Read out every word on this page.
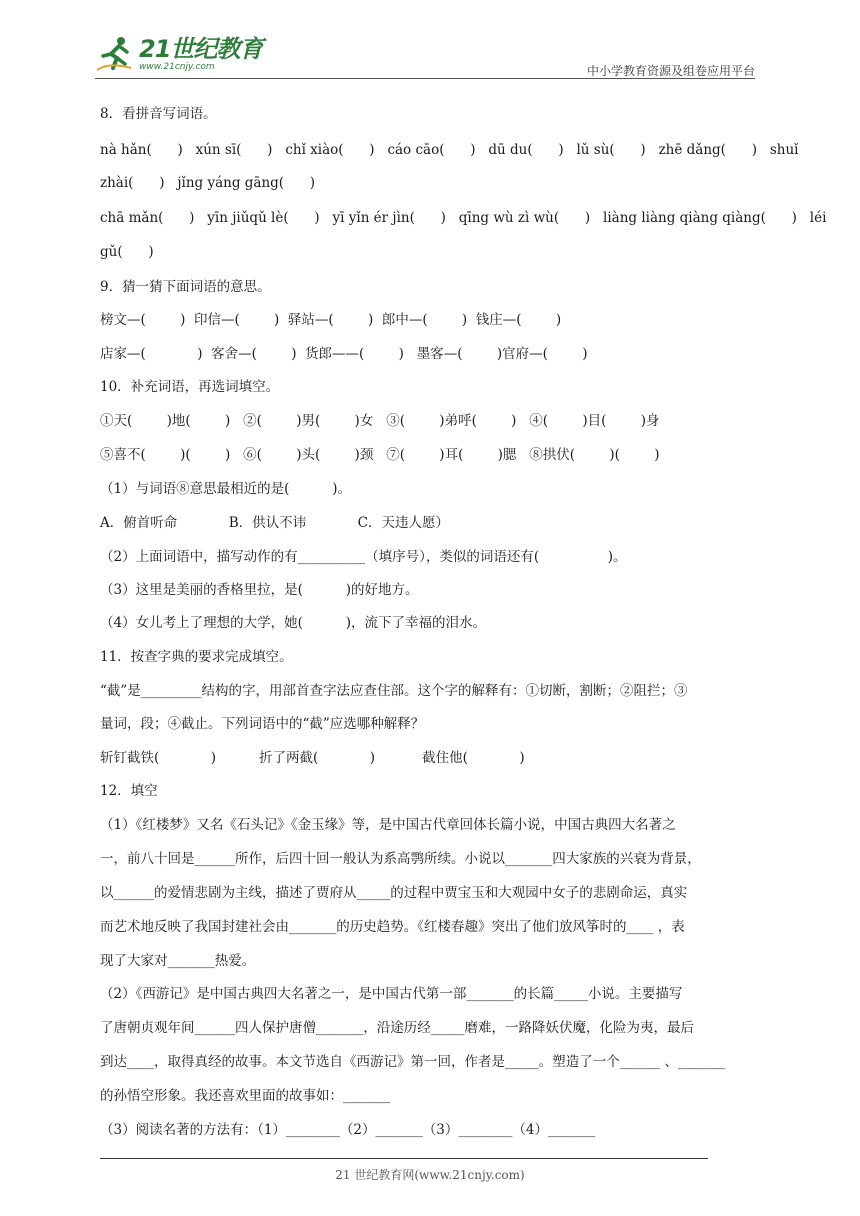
21世纪教育
www.21cnjy.com	中小学教育资源及组卷应用平台
8．看拼音写词语。
nà hǎn(      )   xún sī(      )   chǐ xiào(      )   cáo cāo(      )   dū du(      )   lǔ sù(      )   zhē dǎng(      )   shuǐ
zhài(      )   jǐng yáng gāng(      )
chā mǎn(      )   yīn jiǔqǔ lè(      )   yī yǐn ér jìn(      )   qīng wù zì wù(      )   liàng liàng qiàng qiàng(      )   léi
gǔ(      )
9．猜一猜下面词语的意思。
榜文—(        )  印信—(        )  驿站—(        )  郎中—(        )  钱庄—(        )
店家—(            )  客舍—(        )  货郎——(        )   墨客—(        )官府—(        )
10．补充词语，再选词填空。
①天(        )地(        )   ②(        )男(        )女   ③(        )弟呼(        )   ④(        )目(        )身
⑤喜不(        )(        )   ⑥(        )头(        )颈   ⑦(        )耳(        )腮   ⑧拱伏(        )(        )
（1）与词语⑧意思最相近的是(          )。
A．俯首听命            B．供认不讳            C．天违人愿）
（2）上面词语中，描写动作的有__________（填序号），类似的词语还有(                )。
（3）这里是美丽的香格里拉，是(          )的好地方。
（4）女儿考上了理想的大学，她(          )，流下了幸福的泪水。
11．按查字典的要求完成填空。
“截”是_________结构的字，用部首查字法应查住部。这个字的解释有：①切断，割断；②阻拦；③
量词，段；④截止。下列词语中的“截”应选哪种解释？
斩钉截铁(            )          折了两截(            )           截住他(            )
12．填空
（1）《红楼梦》又名《石头记》《金玉缘》等，是中国古代章回体长篇小说，中国古典四大名著之
一，前八十回是______所作，后四十回一般认为系高鹗所续。小说以_______四大家族的兴衰为背景，
以______的爱情悲剧为主线，描述了贾府从_____的过程中贾宝玉和大观园中女子的悲剧命运，真实
而艺术地反映了我国封建社会由_______的历史趋势。《红楼春趣》突出了他们放风筝时的____ ，表
现了大家对_______热爱。
（2）《西游记》是中国古典四大名著之一，是中国古代第一部_______的长篇_____小说。主要描写
了唐朝贞观年间______四人保护唐僧_______，沿途历经_____磨难，一路降妖伏魔，化险为夷，最后
到达____，取得真经的故事。本文节选自《西游记》第一回，作者是_____。塑造了一个______ 、_______
的孙悟空形象。我还喜欢里面的故事如：_______
（3）阅读名著的方法有：（1）________（2）_______（3）________（4）_______
21 世纪教育网(www.21cnjy.com)
